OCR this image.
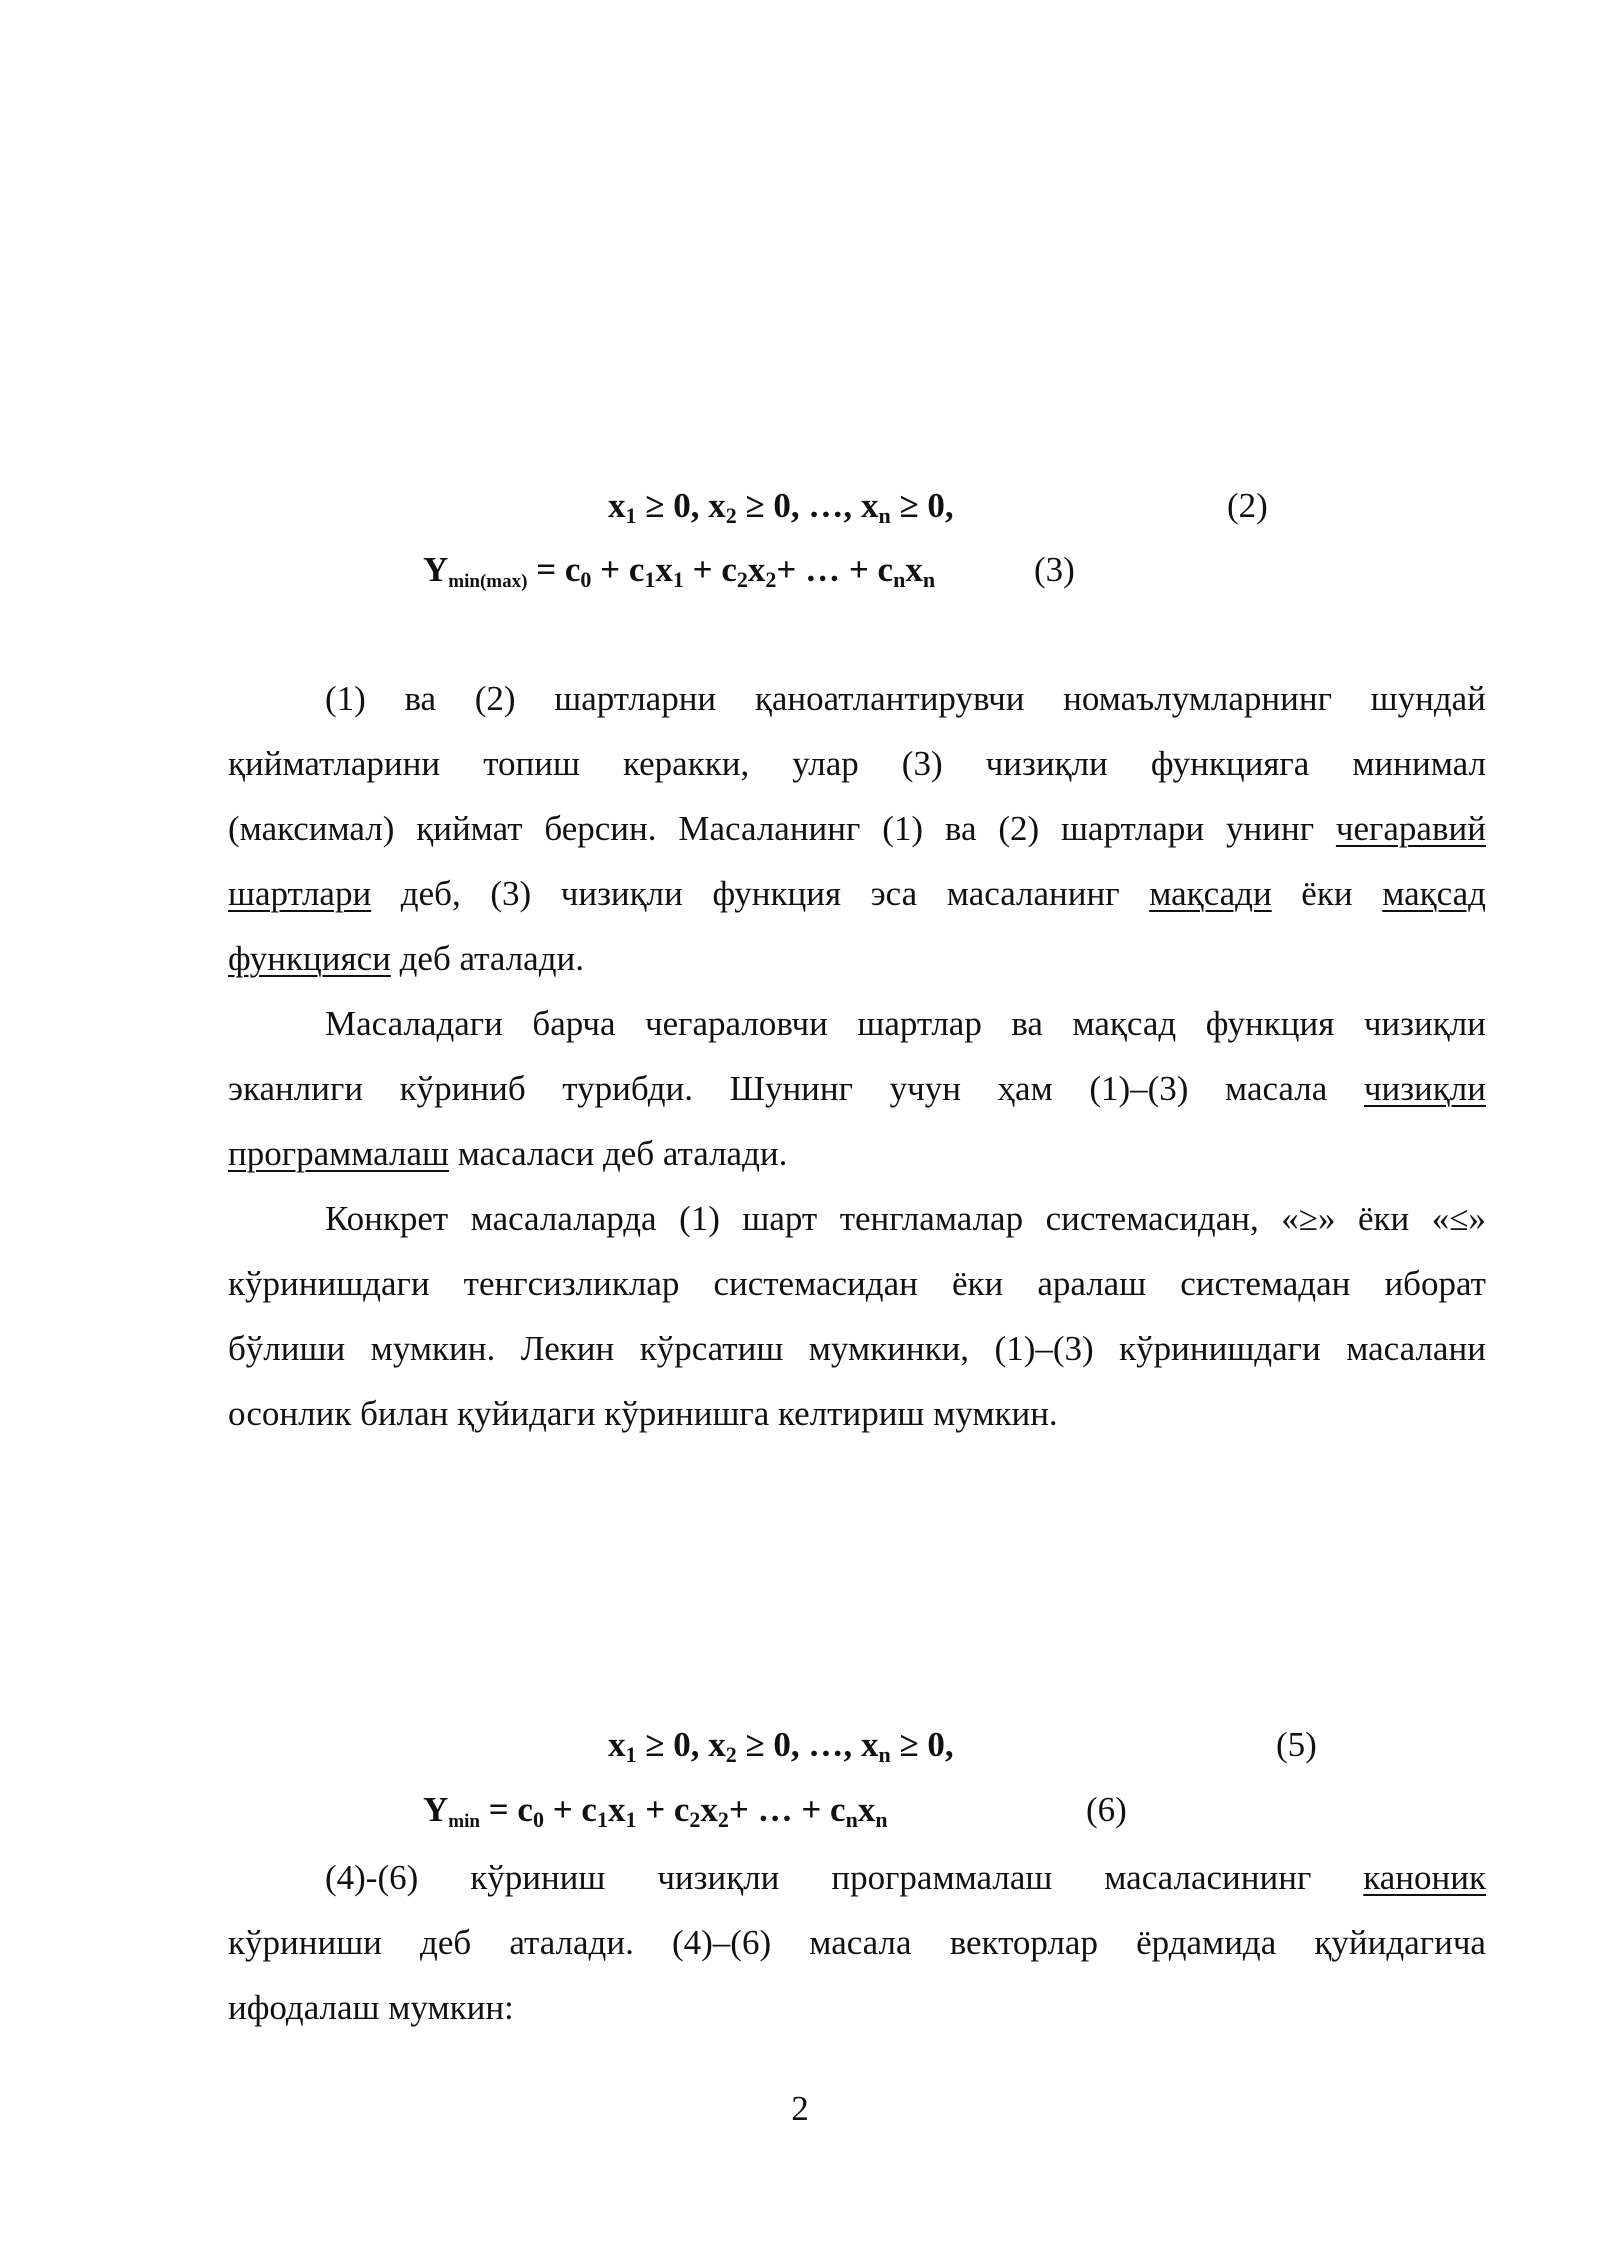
$x_1 \ge 0$, $x_2 \ge 0$, …, $x_n \ge 0$,	(2)
$Y_{min(max)} = c_0 + c_1x_1 + c_2x_2+$ … + $c_nx_n$	(3)
(1) ва (2) шартларни қаноатлантирувчи номаълумларнинг шундай
қийматларини топиш керакки, улар (3) чизиқли функцияга минимал
(максимал) қиймат берсин. Масаланинг (1) ва (2) шартлари унинг чегаравий
шартлари деб, (3) чизиқли функция эса масаланинг мақсади ёки мақсад
функцияси деб аталади.
Масаладаги барча чегараловчи шартлар ва мақсад функция чизиқли
эканлиги кўриниб турибди. Шунинг учун ҳам (1)–(3) масала чизиқли
программалаш масаласи деб аталади.
Конкрет масалаларда (1) шарт тенгламалар системасидан, «≥» ёки «≤»
кўринишдаги тенгсизликлар системасидан ёки аралаш системадан иборат
бўлиши мумкин. Лекин кўрсатиш мумкинки, (1)–(3) кўринишдаги масалани
осонлик билан қуйидаги кўринишга келтириш мумкин.
$x_1 \ge 0$, $x_2 \ge 0$, …, $x_n \ge 0$,	(5)
$Y_{min} = c_0 + c_1x_1 + c_2x_2+$ … + $c_nx_n$	(6)
(4)-(6) кўриниш чизиқли программалаш масаласининг каноник
кўриниши деб аталади. (4)–(6) масала векторлар ёрдамида қуйидагича
ифодалаш мумкин:
2
